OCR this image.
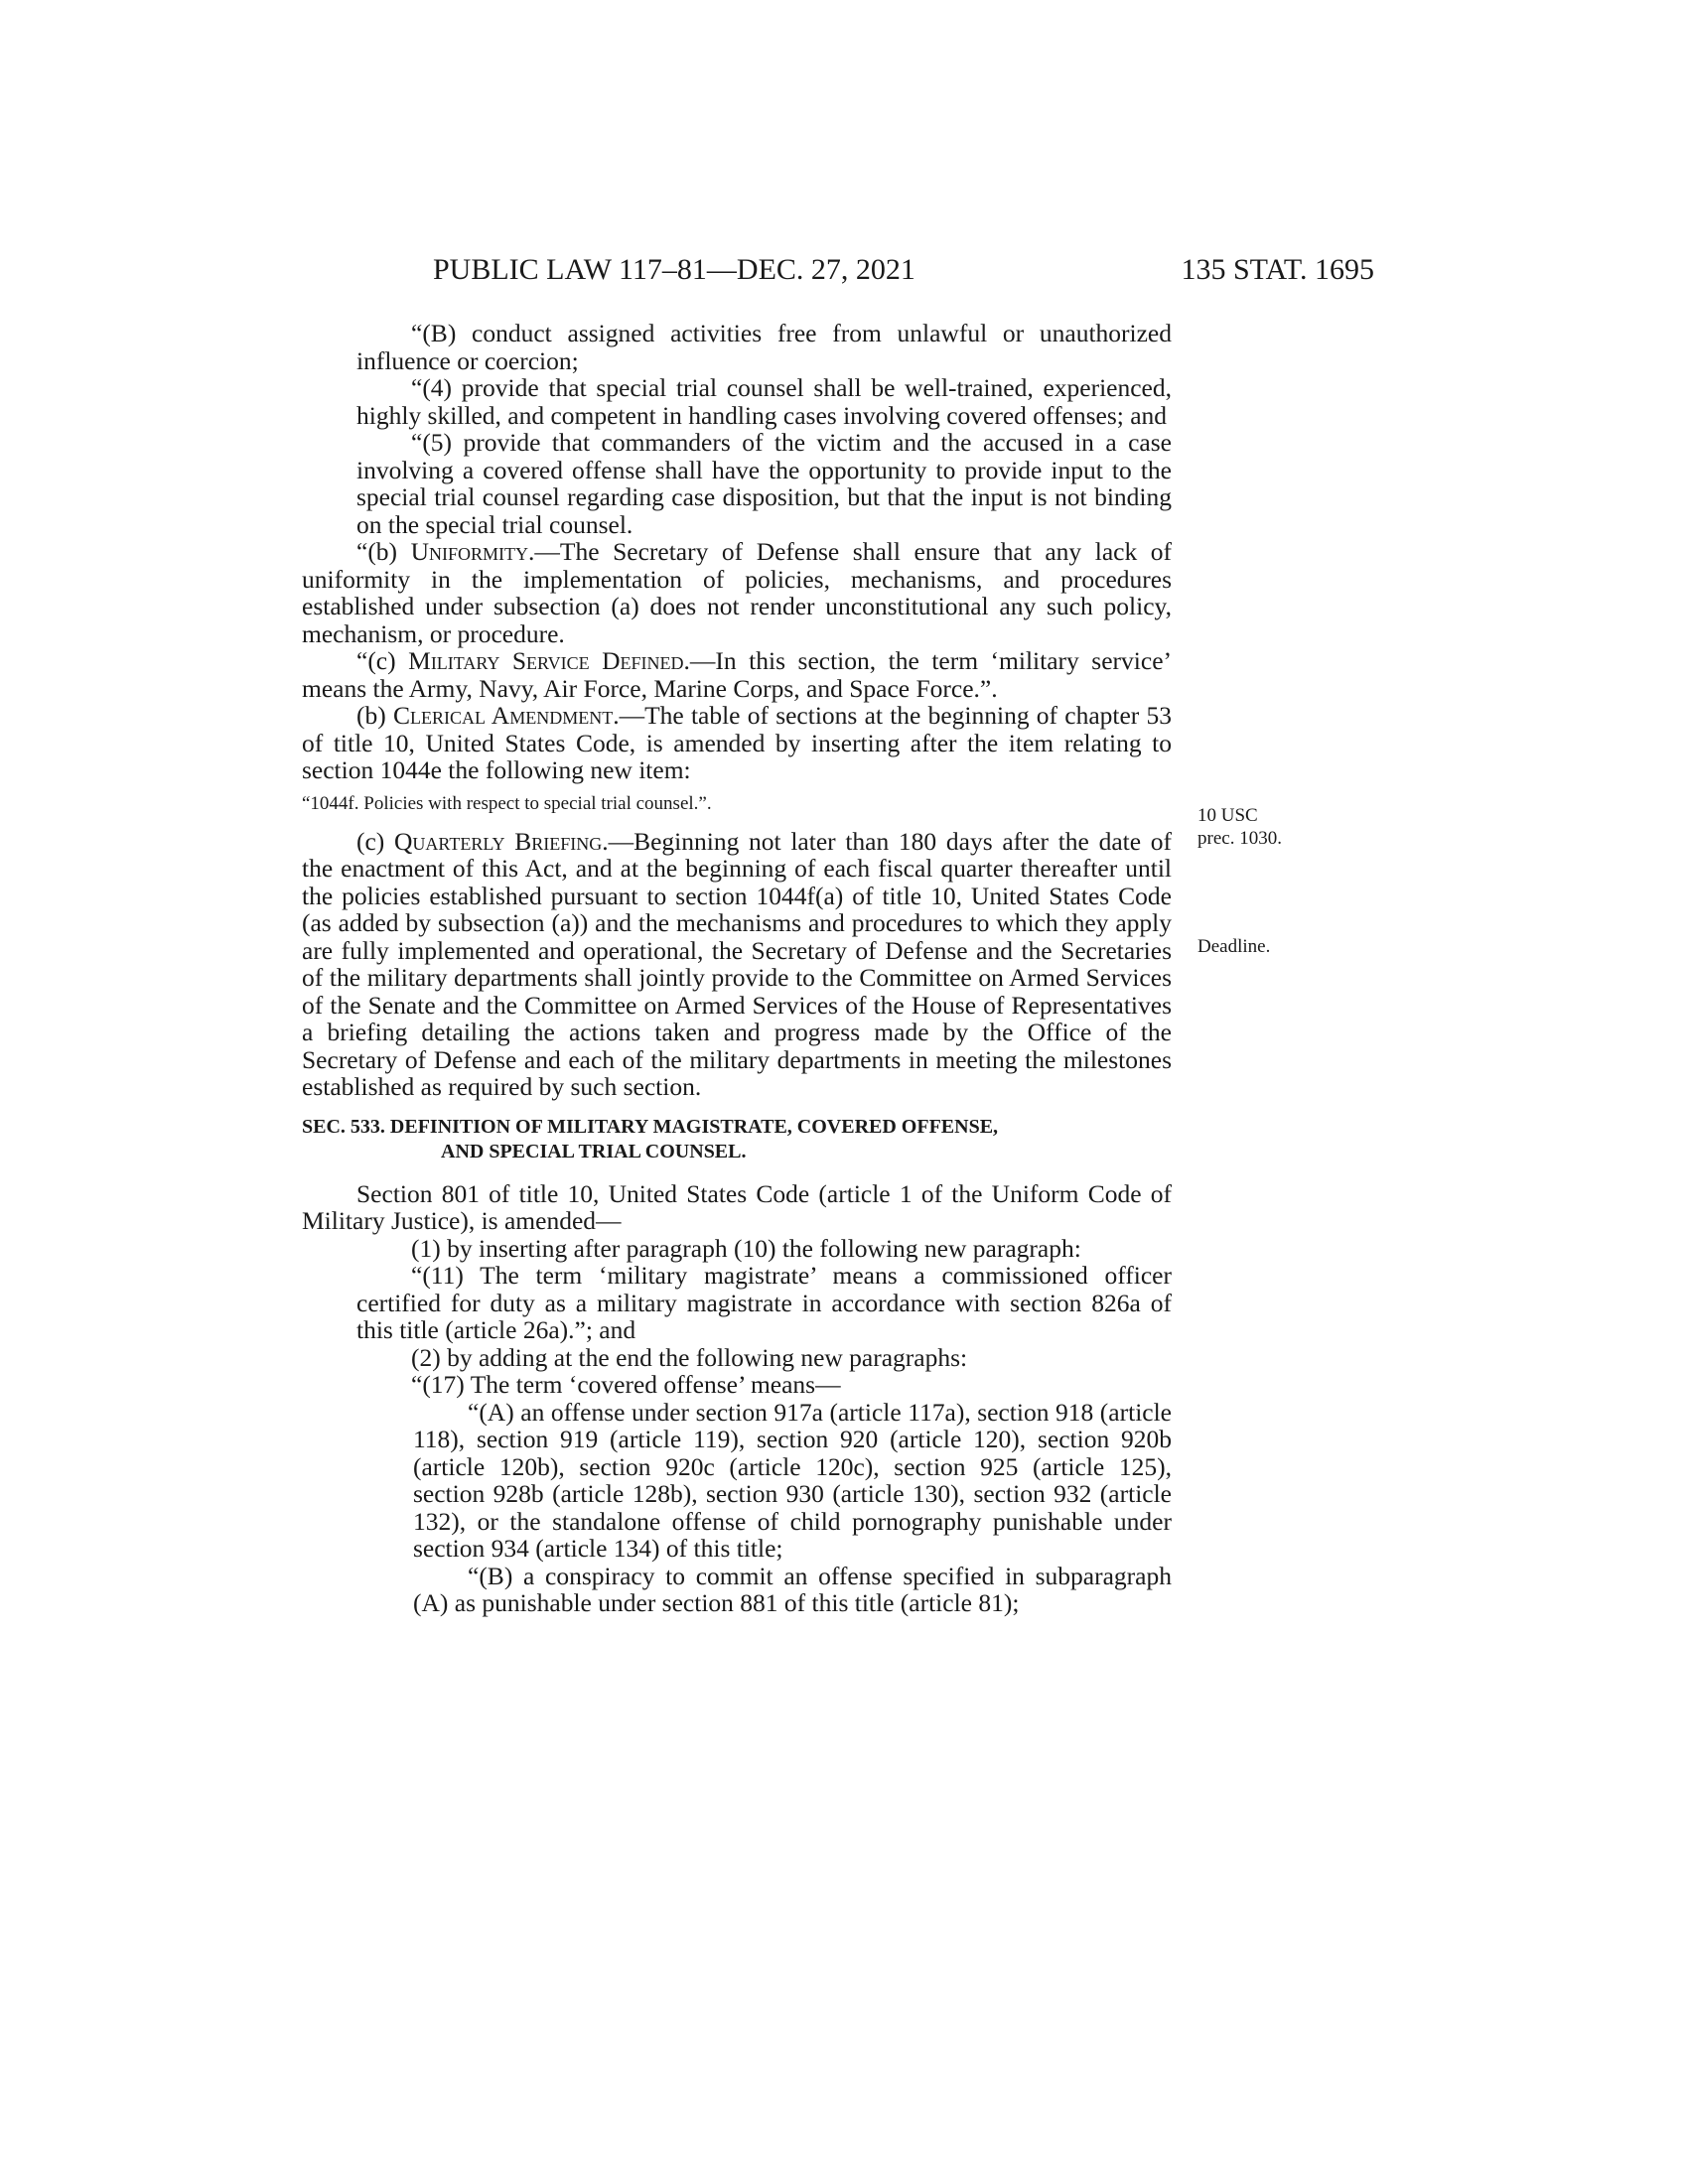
PUBLIC LAW 117–81—DEC. 27, 2021	135 STAT. 1695
“(B) conduct assigned activities free from unlawful or unauthorized influence or coercion;
“(4) provide that special trial counsel shall be well-trained, experienced, highly skilled, and competent in handling cases involving covered offenses; and
“(5) provide that commanders of the victim and the accused in a case involving a covered offense shall have the opportunity to provide input to the special trial counsel regarding case disposition, but that the input is not binding on the special trial counsel.
“(b) Uniformity.—The Secretary of Defense shall ensure that any lack of uniformity in the implementation of policies, mechanisms, and procedures established under subsection (a) does not render unconstitutional any such policy, mechanism, or procedure.
“(c) Military Service Defined.—In this section, the term ‘military service’ means the Army, Navy, Air Force, Marine Corps, and Space Force.”.
(b) Clerical Amendment.—The table of sections at the beginning of chapter 53 of title 10, United States Code, is amended by inserting after the item relating to section 1044e the following new item:
“1044f. Policies with respect to special trial counsel.”.
(c) Quarterly Briefing.—Beginning not later than 180 days after the date of the enactment of this Act, and at the beginning of each fiscal quarter thereafter until the policies established pursuant to section 1044f(a) of title 10, United States Code (as added by subsection (a)) and the mechanisms and procedures to which they apply are fully implemented and operational, the Secretary of Defense and the Secretaries of the military departments shall jointly provide to the Committee on Armed Services of the Senate and the Committee on Armed Services of the House of Representatives a briefing detailing the actions taken and progress made by the Office of the Secretary of Defense and each of the military departments in meeting the milestones established as required by such section.
SEC. 533. DEFINITION OF MILITARY MAGISTRATE, COVERED OFFENSE,
AND SPECIAL TRIAL COUNSEL.
Section 801 of title 10, United States Code (article 1 of the Uniform Code of Military Justice), is amended—
(1) by inserting after paragraph (10) the following new paragraph:
“(11) The term ‘military magistrate’ means a commissioned officer certified for duty as a military magistrate in accordance with section 826a of this title (article 26a).”; and
(2) by adding at the end the following new paragraphs:
“(17) The term ‘covered offense’ means—
“(A) an offense under section 917a (article 117a), section 918 (article 118), section 919 (article 119), section 920 (article 120), section 920b (article 120b), section 920c (article 120c), section 925 (article 125), section 928b (article 128b), section 930 (article 130), section 932 (article 132), or the standalone offense of child pornography punishable under section 934 (article 134) of this title;
“(B) a conspiracy to commit an offense specified in subparagraph (A) as punishable under section 881 of this title (article 81);
10 USC
prec. 1030.
Deadline.
